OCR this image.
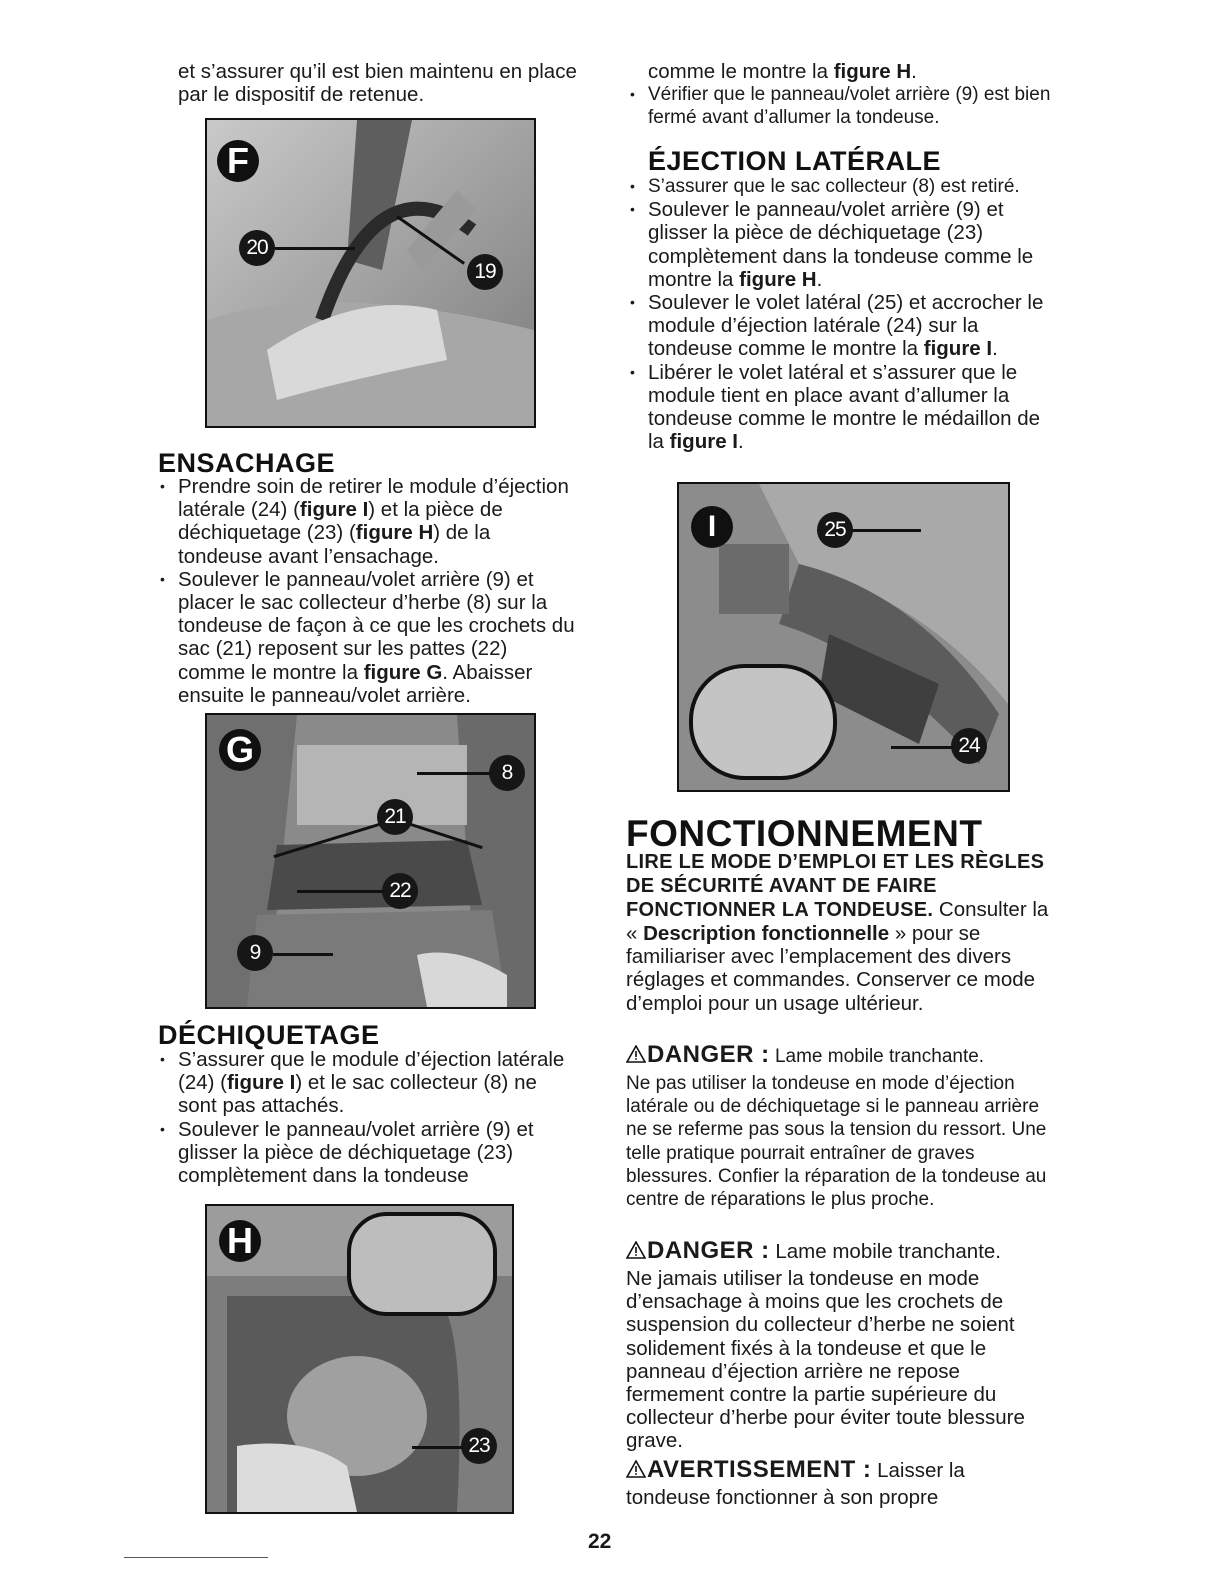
et s’assurer qu’il est bien maintenu en place par le dispositif de retenue.

F
20
19
ENSACHAGE
• Prendre soin de retirer le module d’éjection latérale (24) (figure I) et la pièce de déchiquetage (23) (figure H) de la tondeuse avant l’ensachage.
• Soulever le panneau/volet arrière (9) et placer le sac collecteur d’herbe (8) sur la tondeuse de façon à ce que les crochets du sac (21) reposent sur les pattes (22) comme le montre la figure G. Abaisser ensuite le panneau/volet arrière.
G
8
21
22
9
DÉCHIQUETAGE
• S’assurer que le module d’éjection latérale (24) (figure I) et le sac collecteur (8) ne sont pas attachés.
• Soulever le panneau/volet arrière (9) et glisser la pièce de déchiquetage (23) complètement dans la tondeuse
H
23

comme le montre la figure H.

• Vérifier que le panneau/volet arrière (9) est bien fermé avant d’allumer la tondeuse.
ÉJECTION LATÉRALE
• S’assurer que le sac collecteur (8) est retiré.
• Soulever le panneau/volet arrière (9) et glisser la pièce de déchiquetage (23) complètement dans la tondeuse comme le montre la figure H.
• Soulever le volet latéral (25) et accrocher le module d’éjection latérale (24) sur la tondeuse comme le montre la figure I.
• Libérer le volet latéral et s’assurer que le module tient en place avant d’allumer la tondeuse comme le montre le médaillon de la figure I.
I	25
24
FONCTIONNEMENT

LIRE LE MODE D’EMPLOI ET LES RÈGLES DE SÉCURITÉ AVANT DE FAIRE FONCTIONNER LA TONDEUSE. Consulter la « Description fonctionnelle » pour se familiariser avec l’emplacement des divers réglages et commandes. Conserver ce mode d’emploi pour un usage ultérieur.

DANGER : Lame mobile tranchante.
Ne pas utiliser la tondeuse en mode d’éjection latérale ou de déchiquetage si le panneau arrière ne se referme pas sous la tension du ressort. Une telle pratique pourrait entraîner de graves blessures. Confier la réparation de la tondeuse au centre de réparations le plus proche.
DANGER : Lame mobile tranchante.
Ne jamais utiliser la tondeuse en mode d’ensachage à moins que les crochets de suspension du collecteur d’herbe ne soient solidement fixés à la tondeuse et que le panneau d’éjection arrière ne repose fermement contre la partie supérieure du collecteur d’herbe pour éviter toute blessure grave.
AVERTISSEMENT : Laisser la
tondeuse fonctionner à son propre
22
